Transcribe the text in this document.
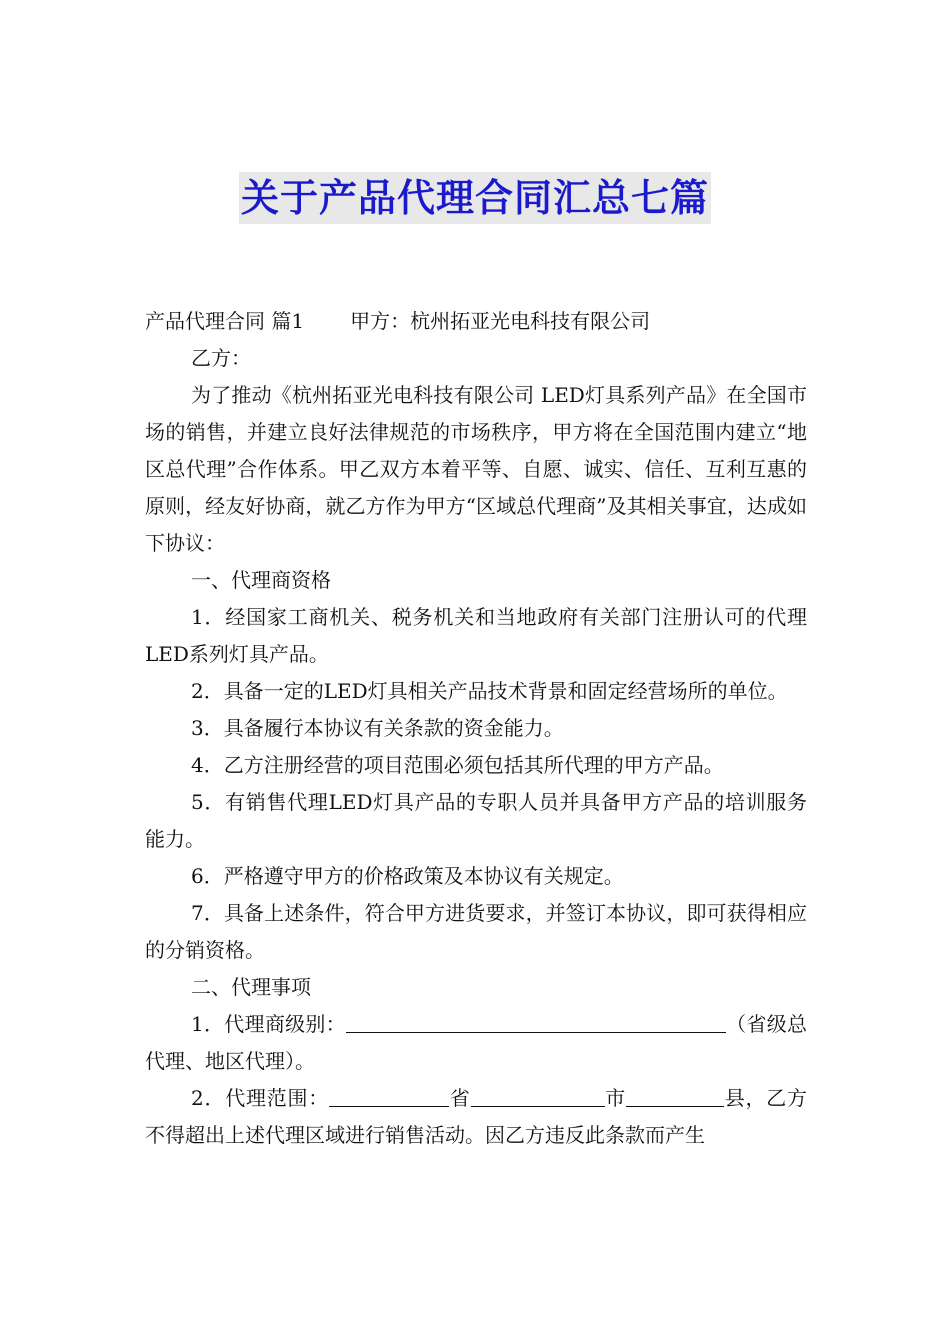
关于产品代理合同汇总七篇

产品代理合同 篇1 甲方：杭州拓亚光电科技有限公司

乙方：

为了推动《杭州拓亚光电科技有限公司 LED灯具系列产品》在全国市场的销售，并建立良好法律规范的市场秩序，甲方将在全国范围内建立“地区总代理”合作体系。甲乙双方本着平等、自愿、诚实、信任、互利互惠的原则，经友好协商，就乙方作为甲方“区域总代理商”及其相关事宜，达成如下协议：

一、代理商资格

1．经国家工商机关、税务机关和当地政府有关部门注册认可的代理LED系列灯具产品。

2．具备一定的LED灯具相关产品技术背景和固定经营场所的单位。

3．具备履行本协议有关条款的资金能力。

4．乙方注册经营的项目范围必须包括其所代理的甲方产品。

5．有销售代理LED灯具产品的专职人员并具备甲方产品的培训服务能力。

6．严格遵守甲方的价格政策及本协议有关规定。

7．具备上述条件，符合甲方进货要求，并签订本协议，即可获得相应的分销资格。

二、代理事项

1．代理商级别：	（省级总代理、地区代理）。

2．代理范围：	省	市	县，乙方不得超出上述代理区域进行销售活动。因乙方违反此条款而产生
